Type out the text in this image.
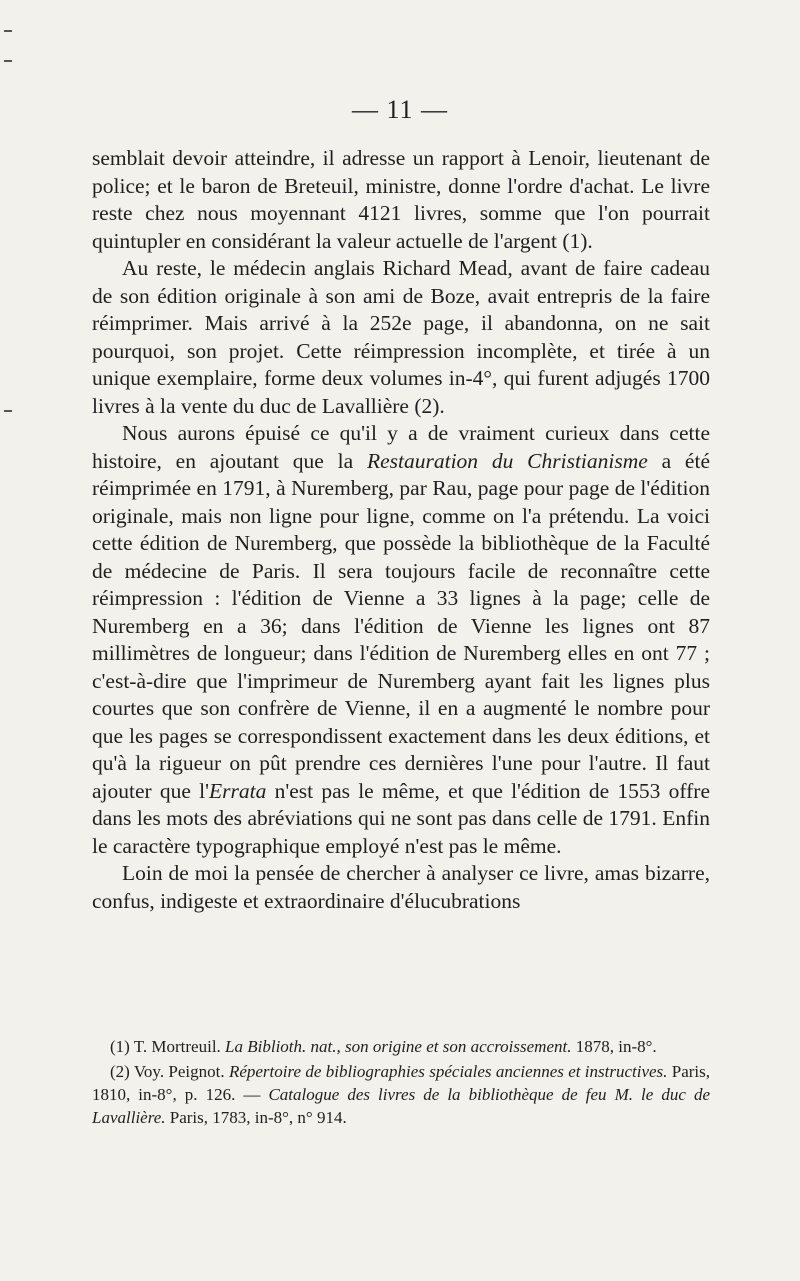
— 11 —

semblait devoir atteindre, il adresse un rapport à Lenoir, lieutenant de police; et le baron de Breteuil, ministre, donne l'ordre d'achat. Le livre reste chez nous moyennant 4121 livres, somme que l'on pourrait quintupler en considérant la valeur actuelle de l'argent (1).

Au reste, le médecin anglais Richard Mead, avant de faire cadeau de son édition originale à son ami de Boze, avait entrepris de la faire réimprimer. Mais arrivé à la 252e page, il abandonna, on ne sait pourquoi, son projet. Cette réimpression incomplète, et tirée à un unique exemplaire, forme deux volumes in-4°, qui furent adjugés 1700 livres à la vente du duc de Lavallière (2).

Nous aurons épuisé ce qu'il y a de vraiment curieux dans cette histoire, en ajoutant que la Restauration du Christianisme a été réimprimée en 1791, à Nuremberg, par Rau, page pour page de l'édition originale, mais non ligne pour ligne, comme on l'a prétendu. La voici cette édition de Nuremberg, que possède la bibliothèque de la Faculté de médecine de Paris. Il sera toujours facile de reconnaître cette réimpression : l'édition de Vienne a 33 lignes à la page; celle de Nuremberg en a 36; dans l'édition de Vienne les lignes ont 87 millimètres de longueur; dans l'édition de Nuremberg elles en ont 77 ; c'est-à-dire que l'imprimeur de Nuremberg ayant fait les lignes plus courtes que son confrère de Vienne, il en a augmenté le nombre pour que les pages se correspondissent exactement dans les deux éditions, et qu'à la rigueur on pût prendre ces dernières l'une pour l'autre. Il faut ajouter que l'Errata n'est pas le même, et que l'édition de 1553 offre dans les mots des abréviations qui ne sont pas dans celle de 1791. Enfin le caractère typographique employé n'est pas le même.

Loin de moi la pensée de chercher à analyser ce livre, amas bizarre, confus, indigeste et extraordinaire d'élucubrations

(1) T. Mortreuil. La Biblioth. nat., son origine et son accroissement. 1878, in-8°.

(2) Voy. Peignot. Répertoire de bibliographies spéciales anciennes et instructives. Paris, 1810, in-8°, p. 126. — Catalogue des livres de la bibliothèque de feu M. le duc de Lavallière. Paris, 1783, in-8°, n° 914.
